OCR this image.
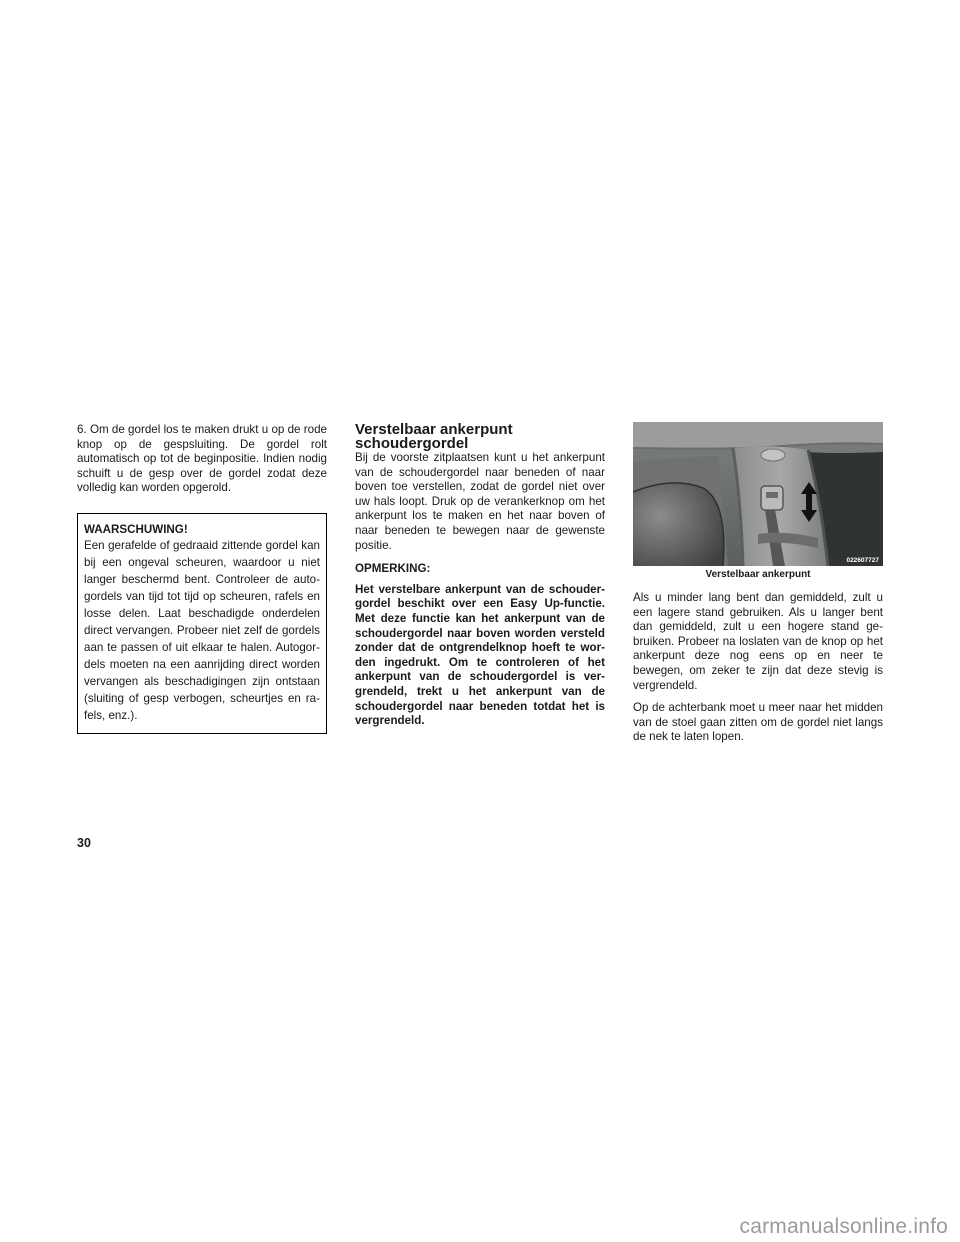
6. Om de gordel los te maken drukt u op de rode knop op de gespsluiting. De gordel rolt automatisch op tot de beginpositie. Indien nodig schuift u de gesp over de gordel zodat deze volledig kan worden opgerold.

WAARSCHUWING!

Een gerafelde of gedraaid zittende gordel kan bij een ongeval scheuren, waardoor u niet langer beschermd bent. Controleer de autogordels van tijd tot tijd op scheuren, rafels en losse delen. Laat beschadigde onderdelen direct vervangen. Probeer niet zelf de gordels aan te passen of uit elkaar te halen. Autogordels moeten na een aanrijding direct worden vervangen als beschadigingen zijn ontstaan (sluiting of gesp verbogen, scheurtjes en rafels, enz.).

Verstelbaar ankerpunt schoudergordel

Bij de voorste zitplaatsen kunt u het ankerpunt van de schoudergordel naar beneden of naar boven toe verstellen, zodat de gordel niet over uw hals loopt. Druk op de verankerknop om het ankerpunt los te maken en het naar boven of naar beneden te bewegen naar de gewenste positie.

OPMERKING:

Het verstelbare ankerpunt van de schoudergordel beschikt over een Easy Up-functie. Met deze functie kan het ankerpunt van de schoudergordel naar boven worden versteld zonder dat de ontgrendelknop hoeft te worden ingedrukt. Om te controleren of het ankerpunt van de schoudergordel is vergrendeld, trekt u het ankerpunt van de schoudergordel naar beneden totdat het is vergrendeld.

022607727
Verstelbaar ankerpunt

Als u minder lang bent dan gemiddeld, zult u een lagere stand gebruiken. Als u langer bent dan gemiddeld, zult u een hogere stand gebruiken. Probeer na loslaten van de knop op het ankerpunt deze nog eens op en neer te bewegen, om zeker te zijn dat deze stevig is vergrendeld.

Op de achterbank moet u meer naar het midden van de stoel gaan zitten om de gordel niet langs de nek te laten lopen.

30
carmanualsonline.info
